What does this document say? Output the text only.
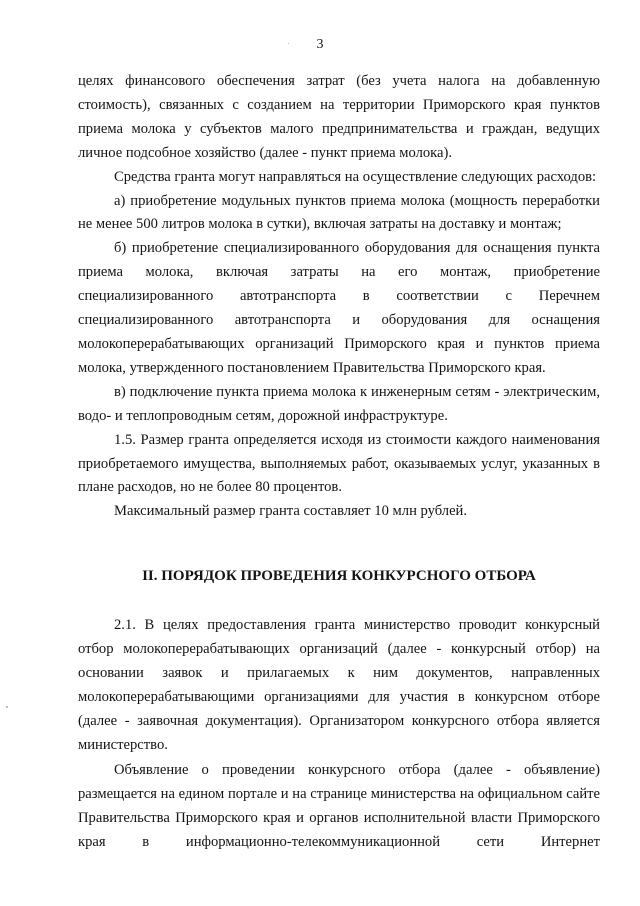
3

целях финансового обеспечения затрат (без учета налога на добавленную стоимость), связанных с созданием на территории Приморского края пунктов приема молока у субъектов малого предпринимательства и граждан, ведущих личное подсобное хозяйство (далее - пункт приема молока).

Средства гранта могут направляться на осуществление следующих расходов:

а) приобретение модульных пунктов приема молока (мощность переработки не менее 500 литров молока в сутки), включая затраты на доставку и монтаж;

б) приобретение специализированного оборудования для оснащения пункта приема молока, включая затраты на его монтаж, приобретение специализированного автотранспорта в соответствии с Перечнем специализированного автотранспорта и оборудования для оснащения молокоперерабатывающих организаций Приморского края и пунктов приема молока, утвержденного постановлением Правительства Приморского края.

в) подключение пункта приема молока к инженерным сетям - электрическим, водо- и теплопроводным сетям, дорожной инфраструктуре.

1.5. Размер гранта определяется исходя из стоимости каждого наименования приобретаемого имущества, выполняемых работ, оказываемых услуг, указанных в плане расходов, но не более 80 процентов.

Максимальный размер гранта составляет 10 млн рублей.

II. ПОРЯДОК ПРОВЕДЕНИЯ КОНКУРСНОГО ОТБОРА

2.1. В целях предоставления гранта министерство проводит конкурсный отбор молокоперерабатывающих организаций (далее - конкурсный отбор) на основании заявок и прилагаемых к ним документов, направленных молокоперерабатывающими организациями для участия в конкурсном отборе (далее - заявочная документация). Организатором конкурсного отбора является министерство.

Объявление о проведении конкурсного отбора (далее - объявление) размещается на едином портале и на странице министерства на официальном сайте Правительства Приморского края и органов исполнительной власти Приморского края в информационно-телекоммуникационной сети Интернет
